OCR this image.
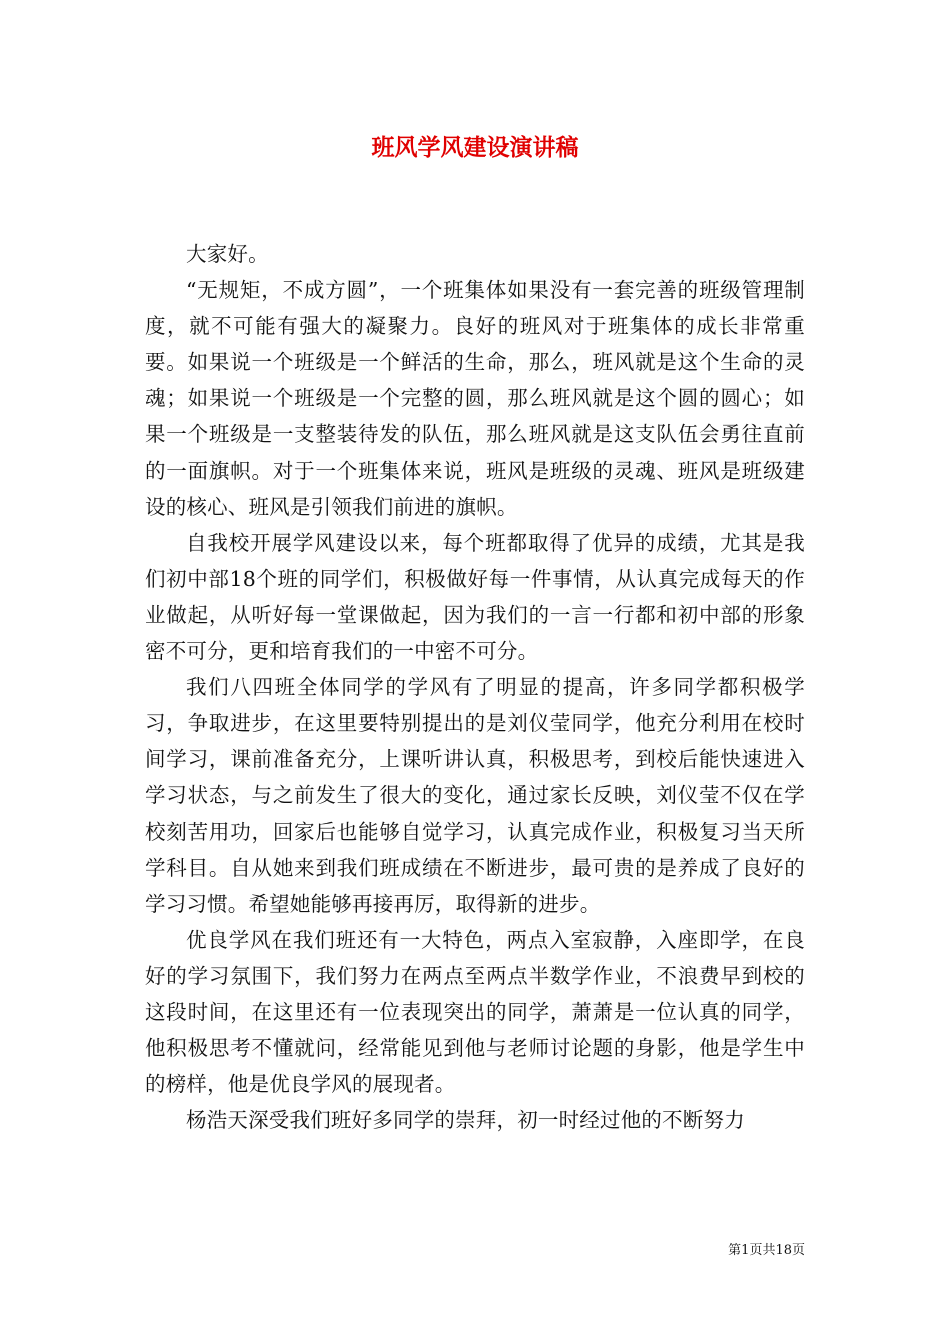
班风学风建设演讲稿

大家好。

“无规矩，不成方圆”，一个班集体如果没有一套完善的班级管理制度，就不可能有强大的凝聚力。良好的班风对于班集体的成长非常重要。如果说一个班级是一个鲜活的生命，那么，班风就是这个生命的灵魂；如果说一个班级是一个完整的圆，那么班风就是这个圆的圆心；如果一个班级是一支整装待发的队伍，那么班风就是这支队伍会勇往直前的一面旗帜。对于一个班集体来说，班风是班级的灵魂、班风是班级建设的核心、班风是引领我们前进的旗帜。

自我校开展学风建设以来，每个班都取得了优异的成绩，尤其是我们初中部18个班的同学们，积极做好每一件事情，从认真完成每天的作业做起，从听好每一堂课做起，因为我们的一言一行都和初中部的形象密不可分，更和培育我们的一中密不可分。

我们八四班全体同学的学风有了明显的提高，许多同学都积极学习，争取进步，在这里要特别提出的是刘仪莹同学，他充分利用在校时间学习，课前准备充分，上课听讲认真，积极思考，到校后能快速进入学习状态，与之前发生了很大的变化，通过家长反映，刘仪莹不仅在学校刻苦用功，回家后也能够自觉学习，认真完成作业，积极复习当天所学科目。自从她来到我们班成绩在不断进步，最可贵的是养成了良好的学习习惯。希望她能够再接再厉，取得新的进步。

优良学风在我们班还有一大特色，两点入室寂静，入座即学，在良好的学习氛围下，我们努力在两点至两点半数学作业，不浪费早到校的这段时间，在这里还有一位表现突出的同学，萧萧是一位认真的同学，他积极思考不懂就问，经常能见到他与老师讨论题的身影，他是学生中的榜样，他是优良学风的展现者。

杨浩天深受我们班好多同学的崇拜，初一时经过他的不断努力

第1页共18页
